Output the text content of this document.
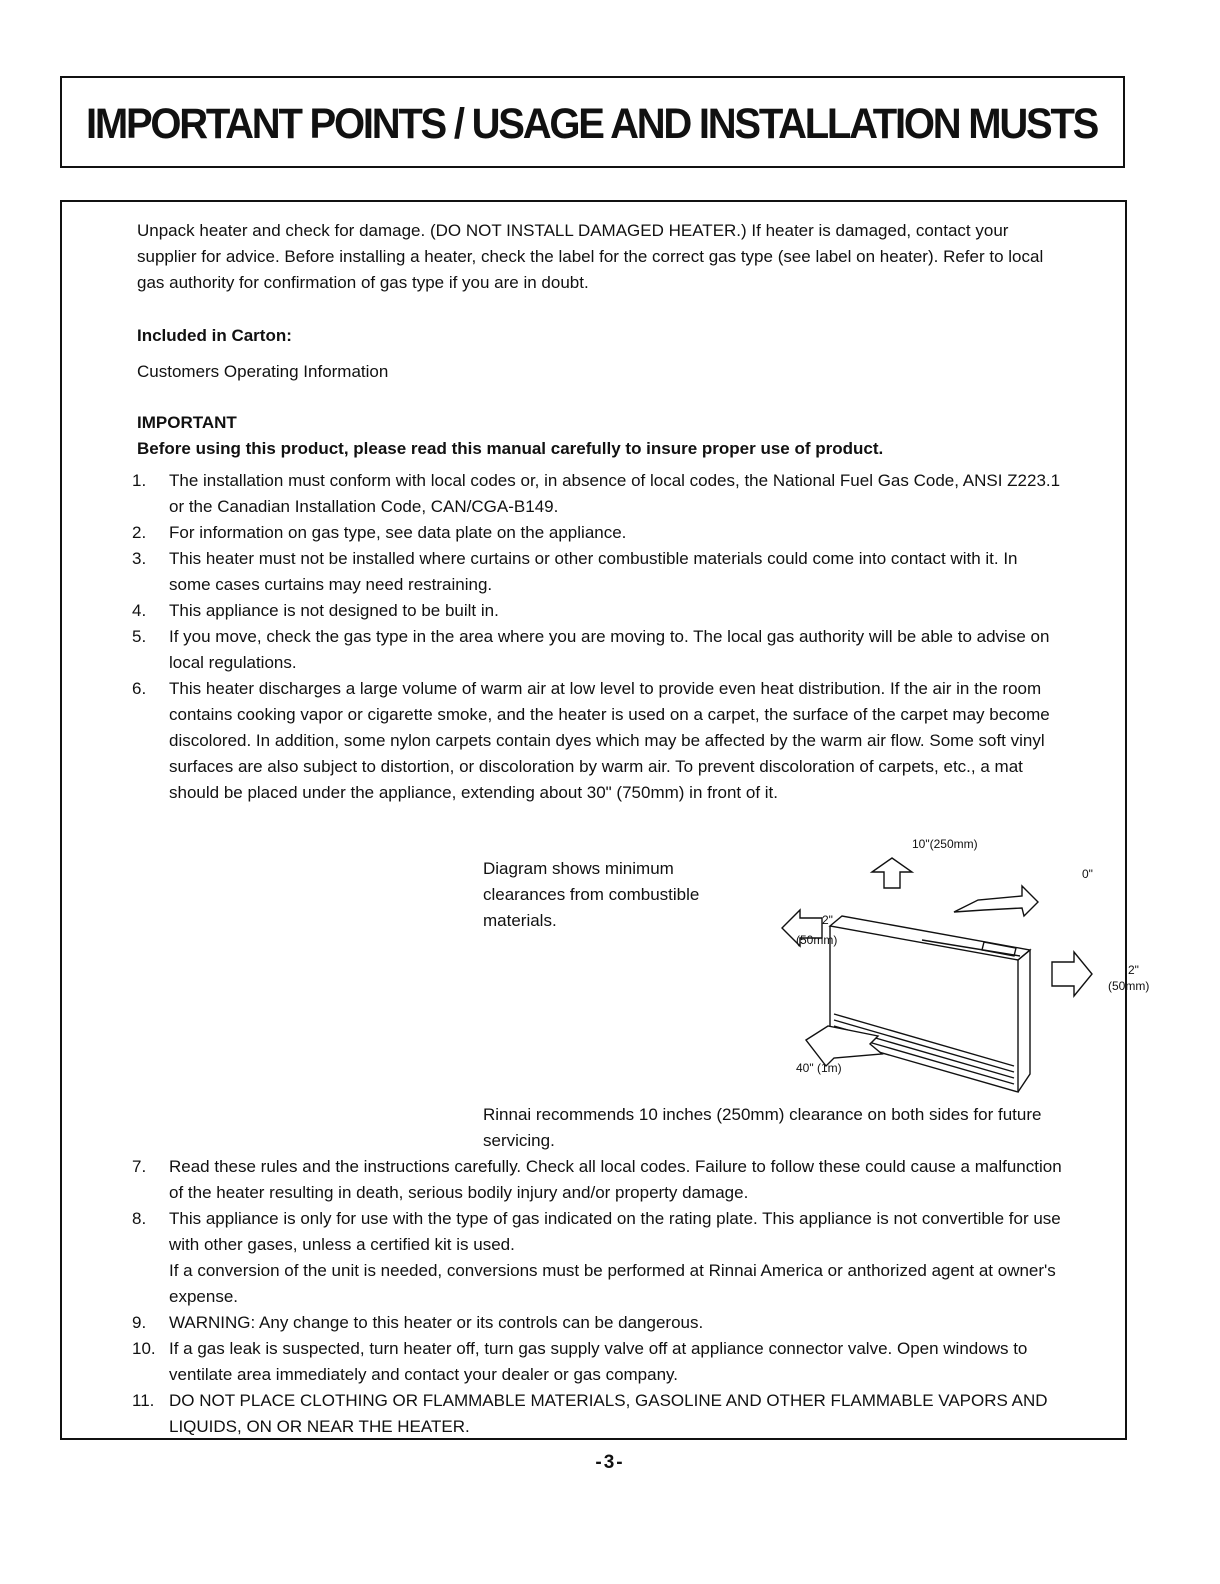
IMPORTANT POINTS / USAGE AND INSTALLATION MUSTS

Unpack heater and check for damage. (DO NOT INSTALL DAMAGED HEATER.) If heater is damaged, contact your supplier for advice. Before installing a heater, check the label for the correct gas type (see label on heater). Refer to local gas authority for confirmation of gas type if you are in doubt.

Included in Carton:

Customers Operating Information

IMPORTANT

Before using this product, please read this manual carefully to insure proper use of product.

1.	The installation must conform with local codes or, in absence of local codes, the National Fuel Gas Code, ANSI Z223.1 or the Canadian Installation Code, CAN/CGA-B149.
2.	For information on gas type, see data plate on the appliance.
3.	This heater must not be installed where curtains or other combustible materials could come into contact with it. In some cases curtains may need restraining.
4.	This appliance is not designed to be built in.
5.	If you move, check the gas type in the area where you are moving to. The local gas authority will be able to advise on local regulations.
6.	This heater discharges a large volume of warm air at low level to provide even heat distribution. If the air in the room contains cooking vapor or cigarette smoke, and the heater is used on a carpet, the surface of the carpet may become discolored. In addition, some nylon carpets contain dyes which may be affected by the warm air flow. Some soft vinyl surfaces are also subject to distortion, or discoloration by warm air. To prevent discoloration of carpets, etc., a mat should be placed under the appliance, extending about 30" (750mm) in front of it.

Diagram shows minimum clearances from combustible materials.

10"(250mm)
0"
2"
(50mm)
2"
(50mm)
40" (1m)

Rinnai recommends 10 inches (250mm) clearance on both sides for future servicing.

7.	Read these rules and the instructions carefully. Check all local codes. Failure to follow these could cause a malfunction of the heater resulting in death, serious bodily injury and/or property damage.
8.	This appliance is only for use with the type of gas indicated on the rating plate. This appliance is not convertible for use with other gases, unless a certified kit is used.
If a conversion of the unit is needed, conversions must be performed at Rinnai America or anthorized agent at owner's expense.
9.	WARNING: Any change to this heater or its controls can be dangerous.
10. If a gas leak is suspected, turn heater off, turn gas supply valve off at appliance connector valve. Open windows to ventilate area immediately and contact your dealer or gas company.
11. DO NOT PLACE CLOTHING OR FLAMMABLE MATERIALS, GASOLINE AND OTHER FLAMMABLE VAPORS AND LIQUIDS, ON OR NEAR THE HEATER.
-3-
